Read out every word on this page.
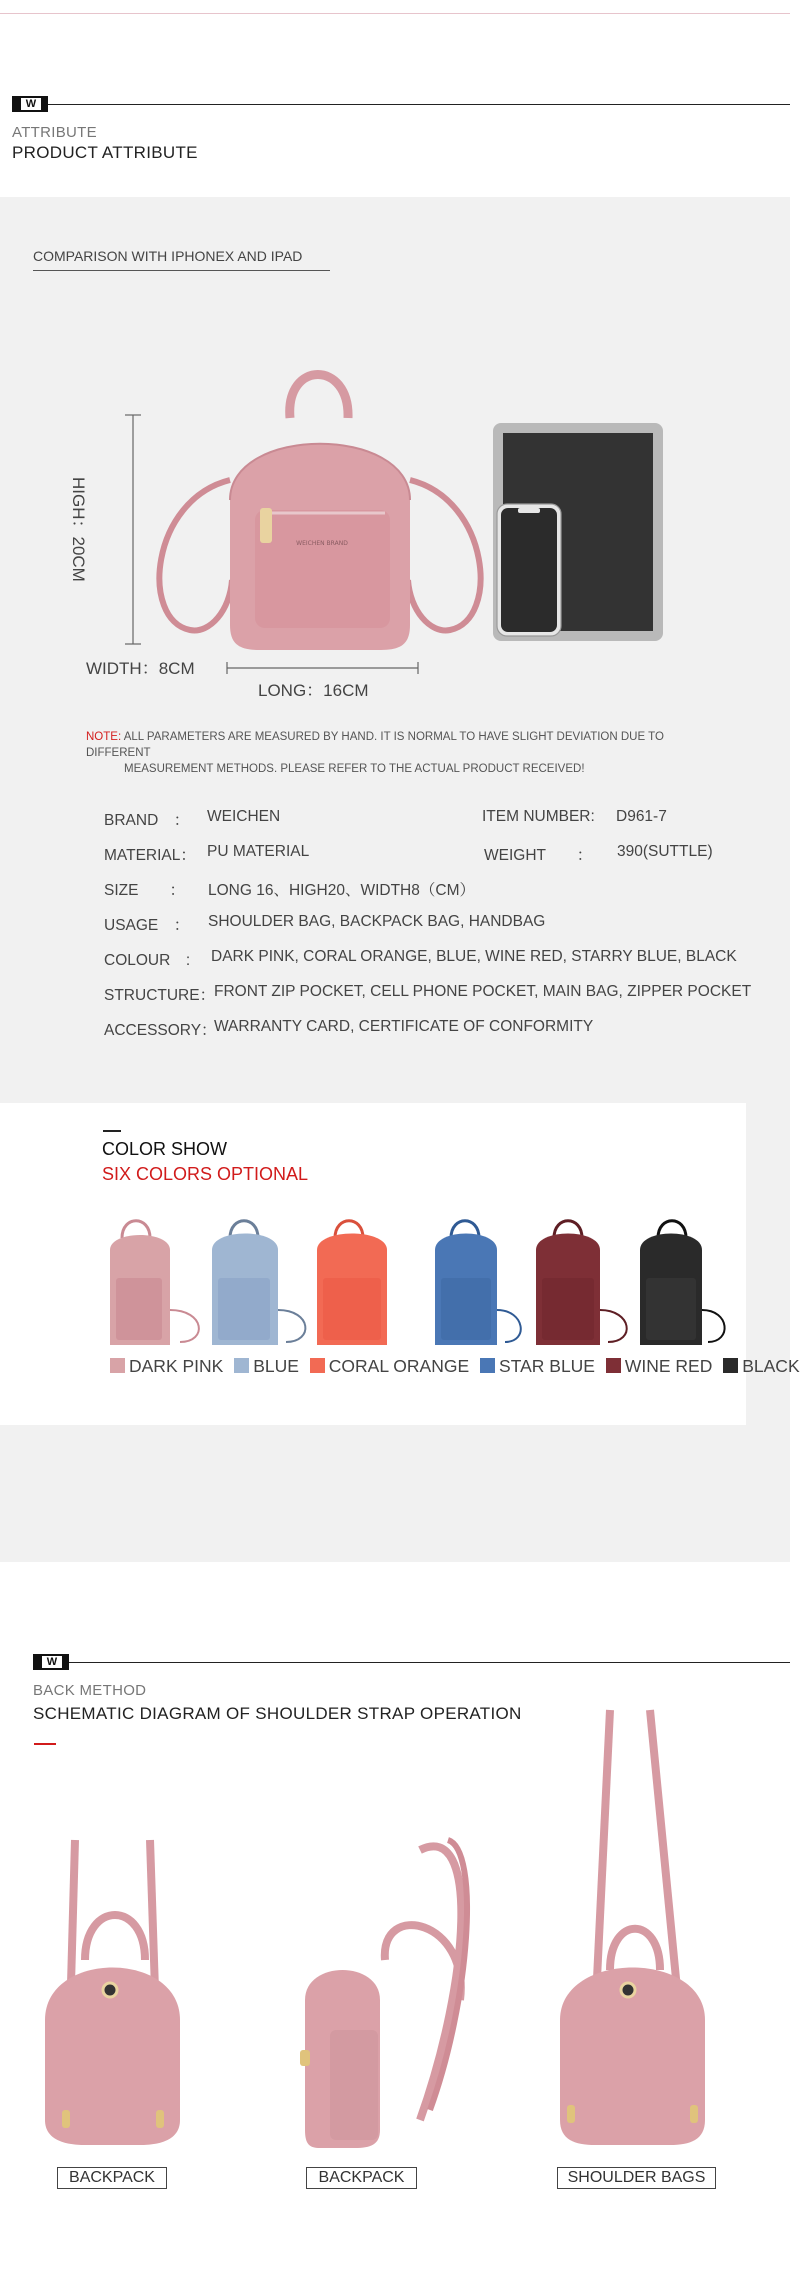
W
ATTRIBUTE
PRODUCT ATTRIBUTE
COMPARISON WITH IPHONEX AND IPAD
WEICHEN BRAND
HIGH：20CM
WIDTH：8CM
LONG：16CM
NOTE: ALL PARAMETERS ARE MEASURED BY HAND. IT IS NORMAL TO HAVE SLIGHT DEVIATION DUE TO DIFFERENT
MEASUREMENT METHODS. PLEASE REFER TO THE ACTUAL PRODUCT RECEIVED!
BRAND　： WEICHEN	ITEM NUMBER: D961-7
MATERIAL： PU MATERIAL	WEIGHT　　： 390(SUTTLE)
SIZE　　： LONG 16、HIGH20、WIDTH8（CM）
USAGE　： SHOULDER BAG, BACKPACK BAG, HANDBAG
COLOUR　: DARK PINK, CORAL ORANGE, BLUE, WINE RED, STARRY BLUE, BLACK
STRUCTURE：
FRONT ZIP POCKET, CELL PHONE POCKET, MAIN BAG, ZIPPER POCKET
ACCESSORY：
WARRANTY CARD, CERTIFICATE OF CONFORMITY
COLOR SHOW
SIX COLORS OPTIONAL
DARK PINK BLUE CORAL ORANGE STAR BLUE WINE RED BLACK
W
BACK METHOD
SCHEMATIC DIAGRAM OF SHOULDER STRAP OPERATION
BACKPACK	BACKPACK	SHOULDER BAGS
